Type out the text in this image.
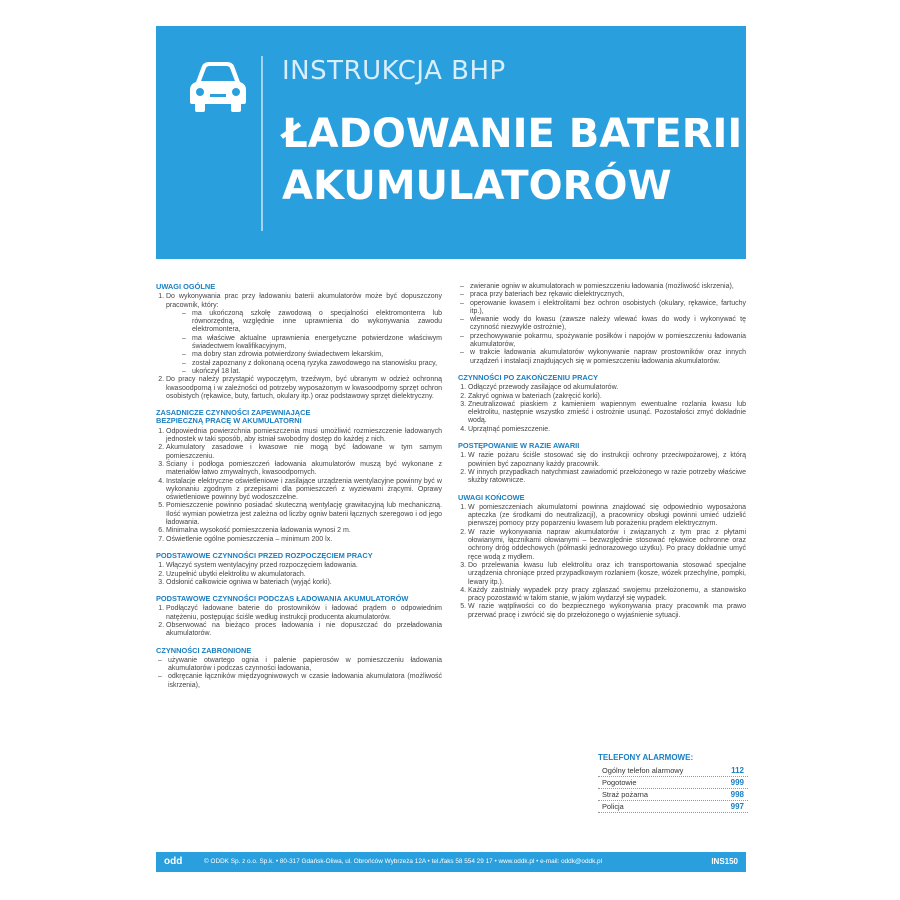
INSTRUKCJA BHP
ŁADOWANIE BATERII
AKUMULATORÓW
UWAGI OGÓLNE
1. Do wykonywania prac przy ładowaniu baterii akumulatorów może być dopuszczony pracownik, który:
– ma ukończoną szkołę zawodową o specjalności elektromonterra lub równorzędną, względnie inne uprawnienia do wykonywania zawodu elektromontera,
– ma właściwe aktualne uprawnienia energetyczne potwierdzone właściwym świadectwem kwalifikacyjnym,
– ma dobry stan zdrowia potwierdzony świadectwem lekarskim,
– został zapoznany z dokonaną oceną ryzyka zawodowego na stanowisku pracy,
– ukończył 18 lat.
2. Do pracy należy przystąpić wypoczętym, trzeźwym, być ubranym w odzież ochronną kwasoodporną i w zależności od potrzeby wyposażonym w kwasoodporny sprzęt ochron osobistych (rękawice, buty, fartuch, okulary itp.) oraz podstawowy sprzęt dielektryczny.
ZASADNICZE CZYNNOŚCI ZAPEWNIAJĄCE
BEZPIECZNĄ PRACĘ W AKUMULATORNI
1. Odpowiednia powierzchnia pomieszczenia musi umożliwić rozmieszczenie ładowanych jednostek w taki sposób, aby istniał swobodny dostęp do każdej z nich.
2. Akumulatory zasadowe i kwasowe nie mogą być ładowane w tym samym pomieszczeniu.
3. Ściany i podłoga pomieszczeń ładowania akumulatorów muszą być wykonane z materiałów łatwo zmywalnych, kwasoodpornych.
4. Instalacje elektryczne oświetleniowe i zasilające urządzenia wentylacyjne powinny być w wykonaniu zgodnym z przepisami dla pomieszczeń z wyziewami żrącymi. Oprawy oświetleniowe powinny być wodoszczelne.
5. Pomieszczenie powinno posiadać skuteczną wentylację grawitacyjną lub mechaniczną. Ilość wymian powietrza jest zależna od liczby ogniw baterii łącznych szeregowo i od jego ładowania.
6. Minimalna wysokość pomieszczenia ładowania wynosi 2 m.
7. Oświetlenie ogólne pomieszczenia – minimum 200 lx.
PODSTAWOWE CZYNNOŚCI PRZED ROZPOCZĘCIEM PRACY
1. Włączyć system wentylacyjny przed rozpoczęciem ładowania.
2. Uzupełnić ubytki elektrolitu w akumulatorach.
3. Odsłonić całkowicie ogniwa w bateriach (wyjąć korki).
PODSTAWOWE CZYNNOŚCI PODCZAS ŁADOWANIA AKUMULATORÓW
1. Podłączyć ładowane baterie do prostowników i ładować prądem o odpowiednim natężeniu, postępując ściśle według instrukcji producenta akumulatorów.
2. Obserwować na bieżąco proces ładowania i nie dopuszczać do przeładowania akumulatorów.
CZYNNOŚCI ZABRONIONE
– używanie otwartego ognia i palenie papierosów w pomieszczeniu ładowania akumulatorów i podczas czynności ładowania,
– odkręcanie łączników międzyogniwowych w czasie ładowania akumulatora (możliwość iskrzenia),
– zwieranie ogniw w akumulatorach w pomieszczeniu ładowania (możliwość iskrzenia),
– praca przy bateriach bez rękawic dielektrycznych,
– operowanie kwasem i elektrolitami bez ochron osobistych (okulary, rękawice, fartuchy itp.),
– wlewanie wody do kwasu (zawsze należy wlewać kwas do wody i wykonywać tę czynność niezwykle ostrożnie),
– przechowywanie pokarmu, spożywanie posiłków i napojów w pomieszczeniu ładowania akumulatorów,
– w trakcie ładowania akumulatorów wykonywanie napraw prostowników oraz innych urządzeń i instalacji znajdujących się w pomieszczeniu ładowania akumulatorów.
CZYNNOŚCI PO ZAKOŃCZENIU PRACY
1. Odłączyć przewody zasilające od akumulatorów.
2. Zakryć ogniwa w bateriach (zakręcić korki).
3. Zneutralizować piaskiem z kamieniem wapiennym ewentualne rozlania kwasu lub elektrolitu, następnie wszystko zmieść i ostrożnie usunąć. Pozostałości zmyć dokładnie wodą.
4. Uprzątnąć pomieszczenie.
POSTĘPOWANIE W RAZIE AWARII
1. W razie pożaru ściśle stosować się do instrukcji ochrony przeciwpożarowej, z którą powinien być zapoznany każdy pracownik.
2. W innych przypadkach natychmiast zawiadomić przełożonego w razie potrzeby właściwe służby ratownicze.
UWAGI KOŃCOWE
1. W pomieszczeniach akumulatorni powinna znajdować się odpowiednio wyposażona apteczka (ze środkami do neutralizacji), a pracownicy obsługi powinni umieć udzielić pierwszej pomocy przy poparzeniu kwasem lub porażeniu prądem elektrycznym.
2. W razie wykonywania napraw akumulatorów i związanych z tym prac z płytami ołowianymi, łącznikami ołowianymi – bezwzględnie stosować rękawice ochronne oraz ochrony dróg oddechowych (półmaski jednorazowego użytku). Po pracy dokładnie umyć ręce wodą z mydłem.
3. Do przelewania kwasu lub elektrolitu oraz ich transportowania stosować specjalne urządzenia chroniące przed przypadkowym rozlaniem (kosze, wózek przechylne, pompki, lewary itp.).
4. Każdy zaistniały wypadek przy pracy zgłaszać swojemu przełożonemu, a stanowisko pracy pozostawić w takim stanie, w jakim wydarzył się wypadek.
5. W razie wątpliwości co do bezpiecznego wykonywania pracy pracownik ma prawo przerwać pracę i zwrócić się do przełożonego o wyjaśnienie sytuacji.
TELEFONY ALARMOWE:
Ogólny telefon alarmowy	112
Pogotowie	999
Straż pożarna	998
Policja	997
odd	© ODDK Sp. z o.o. Sp.k. • 80-317 Gdańsk-Oliwa, ul. Obrońców Wybrzeża 12A • tel./faks 58 554 29 17 • www.oddk.pl • e-mail: oddk@oddk.pl	INS150
